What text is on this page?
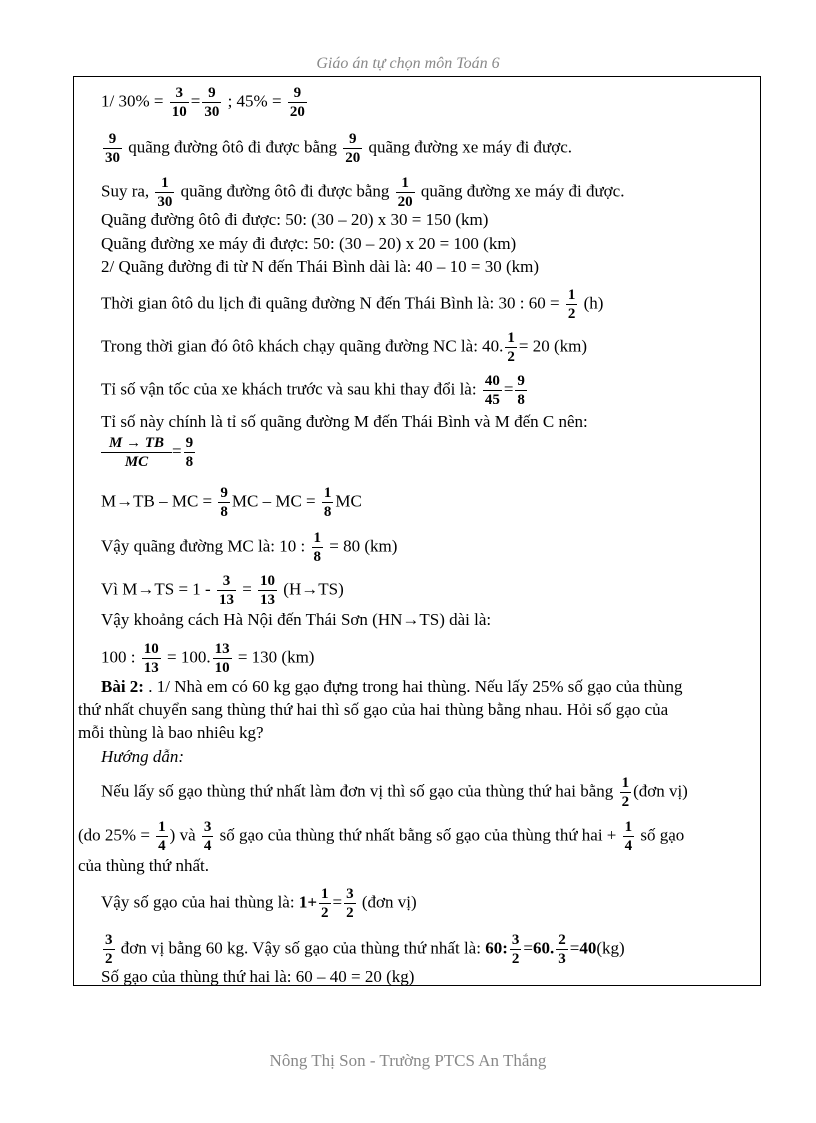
Giáo án tự chọn môn Toán 6
1/ $30\% = \frac{3}{10} = \frac{9}{30}$ ; $45\% = \frac{9}{20}$
$\frac{9}{30}$ quãng đường ôtô đi được bằng $\frac{9}{20}$ quãng đường xe máy đi được.
Suy ra, $\frac{1}{30}$ quãng đường ôtô đi được bằng $\frac{1}{20}$ quãng đường xe máy đi được.
Quãng đường ôtô đi được: 50: (30 – 20) x 30 = 150 (km)
Quãng đường xe máy đi được: 50: (30 – 20) x 20 = 100 (km)
2/ Quãng đường đi từ N đến Thái Bình dài là: 40 – 10 = 30 (km)
Thời gian ôtô du lịch đi quãng đường N đến Thái Bình là: 30 : $60 = \frac{1}{2} (h)$
Trong thời gian đó ôtô khách chạy quãng đường NC là: 40. $\frac{1}{2} = 20$ (km)
Tỉ số vận tốc của xe khách trước và sau khi thay đổi là: $\frac{40}{45} = \frac{9}{8}$
Tỉ số này chính là tỉ số quãng đường M đến Thái Bình và M đến C nên:
$\frac{M \to TB}{MC} = \frac{9}{8}$
M→TB – MC = $\frac{9}{8}$ MC – MC = $\frac{1}{8}$ MC
Vậy quãng đường MC là: 10 : $\frac{1}{8} = 80$ (km)
Vì $M\to TS = 1 - \frac{3}{13} = \frac{10}{13} (H\to TS)$
Vậy khoảng cách Hà Nội đến Thái Sơn (HN→TS) dài là:
100 : $\frac{10}{13} = 100$. $\frac{13}{10} = 130$ (km)
Bài 2: . 1/ Nhà em có 60 kg gạo đựng trong hai thùng. Nếu lấy 25% số gạo của thùng
thứ nhất chuyển sang thùng thứ hai thì số gạo của hai thùng bằng nhau. Hỏi số gạo của
mỗi thùng là bao nhiêu kg?
Hướng dẫn:
Nếu lấy số gạo thùng thứ nhất làm đơn vị thì số gạo của thùng thứ hai bằng $\frac{1}{2}$ (đơn vị)
(do $25\% = \frac{1}{4}$ ) và $\frac{3}{4}$ số gạo của thùng thứ nhất bằng số gạo của thùng thứ hai + $\frac{1}{4}$ số gạo
của thùng thứ nhất.
Vậy số gạo của hai thùng là: $1+ \frac{1}{2} = \frac{3}{2}$ (đơn vị)
$\frac{3}{2}$ đơn vị bằng 60 kg. Vậy số gạo của thùng thứ nhất là: 60: $\frac{3}{2} =60$. $\frac{2}{3} =40(kg)$
Số gạo của thùng thứ hai là: 60 – 40 = 20 (kg)
Nông Thị Son - Trường PTCS An Thắng
